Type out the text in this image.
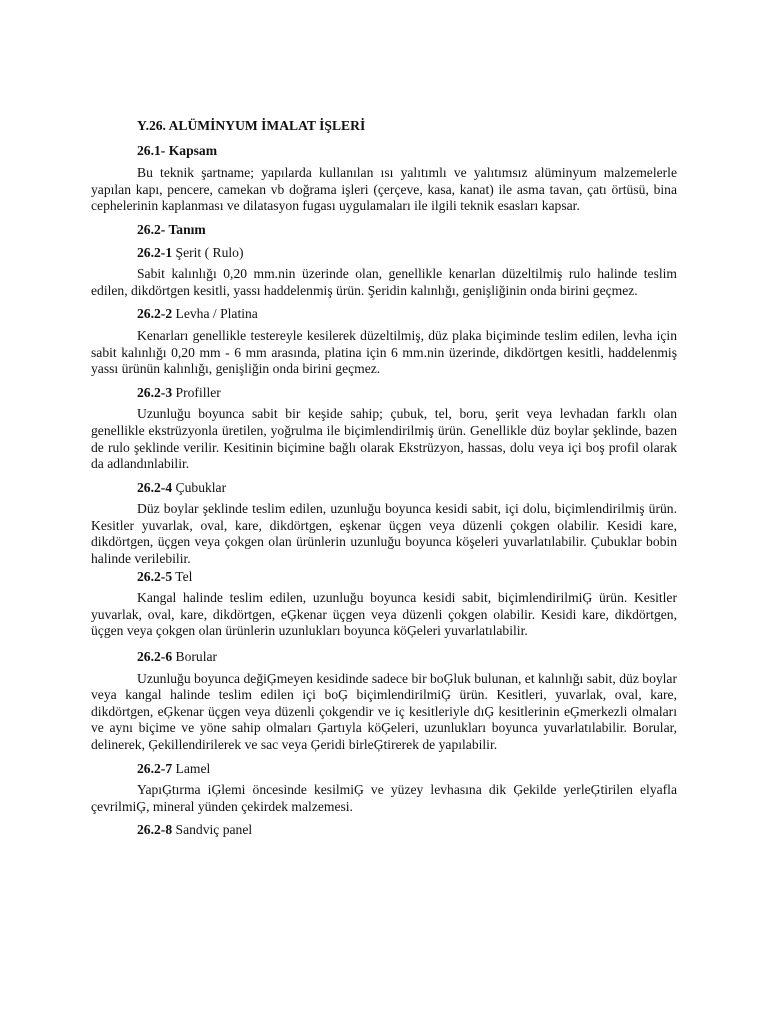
Y.26. ALÜMİNYUM İMALAT İŞLERİ

26.1- Kapsam

Bu teknik şartname; yapılarda kullanılan ısı yalıtımlı ve yalıtımsız alüminyum malzemelerle yapılan kapı, pencere, camekan vb doğrama işleri (çerçeve, kasa, kanat) ile asma tavan, çatı örtüsü, bina cephelerinin kaplanması ve dilatasyon fugası uygulamaları ile ilgili teknik esasları kapsar.

26.2- Tanım

26.2-1 Şerit ( Rulo)

Sabit kalınlığı 0,20 mm.nin üzerinde olan, genellikle kenarlan düzeltilmiş rulo halinde teslim edilen, dikdörtgen kesitli, yassı haddelenmiş ürün. Şeridin kalınlığı, genişliğinin onda birini geçmez.

26.2-2 Levha / Platina

Kenarları genellikle testereyle kesilerek düzeltilmiş, düz plaka biçiminde teslim edilen, levha için sabit kalınlığı 0,20 mm - 6 mm arasında, platina için 6 mm.nin üzerinde, dikdörtgen kesitli, haddelenmiş yassı ürünün kalınlığı, genişliğin onda birini geçmez.

26.2-3 Profiller

Uzunluğu boyunca sabit bir keşide sahip; çubuk, tel, boru, şerit veya levhadan farklı olan genellikle ekstrüzyonla üretilen, yoğrulma ile biçimlendirilmiş ürün. Genellikle düz boylar şeklinde, bazen de rulo şeklinde verilir. Kesitinin biçimine bağlı olarak Ekstrüzyon, hassas, dolu veya içi boş profil olarak da adlandınlabilir.

26.2-4 Çubuklar

Düz boylar şeklinde teslim edilen, uzunluğu boyunca kesidi sabit, içi dolu, biçimlendirilmiş ürün. Kesitler yuvarlak, oval, kare, dikdörtgen, eşkenar üçgen veya düzenli çokgen olabilir. Kesidi kare, dikdörtgen, üçgen veya çokgen olan ürünlerin uzunluğu boyunca köşeleri yuvarlatılabilir. Çubuklar bobin halinde verilebilir.

26.2-5 Tel

Kangal halinde teslim edilen, uzunluğu boyunca kesidi sabit, biçimlendirilmiĢ ürün. Kesitler yuvarlak, oval, kare, dikdörtgen, eĢkenar üçgen veya düzenli çokgen olabilir. Kesidi kare, dikdörtgen, üçgen veya çokgen olan ürünlerin uzunlukları boyunca köĢeleri yuvarlatılabilir.

26.2-6 Borular

Uzunluğu boyunca değiĢmeyen kesidinde sadece bir boĢluk bulunan, et kalınlığı sabit, düz boylar veya kangal halinde teslim edilen içi boĢ biçimlendirilmiĢ ürün. Kesitleri, yuvarlak, oval, kare, dikdörtgen, eĢkenar üçgen veya düzenli çokgendir ve iç kesitleriyle dıĢ kesitlerinin eĢmerkezli olmaları ve aynı biçime ve yöne sahip olmaları Ģartıyla köĢeleri, uzunlukları boyunca yuvarlatılabilir. Borular, delinerek, Ģekillendirilerek ve sac veya Ģeridi birleĢtirerek de yapılabilir.

26.2-7 Lamel

YapıĢtırma iĢlemi öncesinde kesilmiĢ ve yüzey levhasına dik Ģekilde yerleĢtirilen elyafla çevrilmiĢ, mineral yünden çekirdek malzemesi.

26.2-8 Sandviç panel
